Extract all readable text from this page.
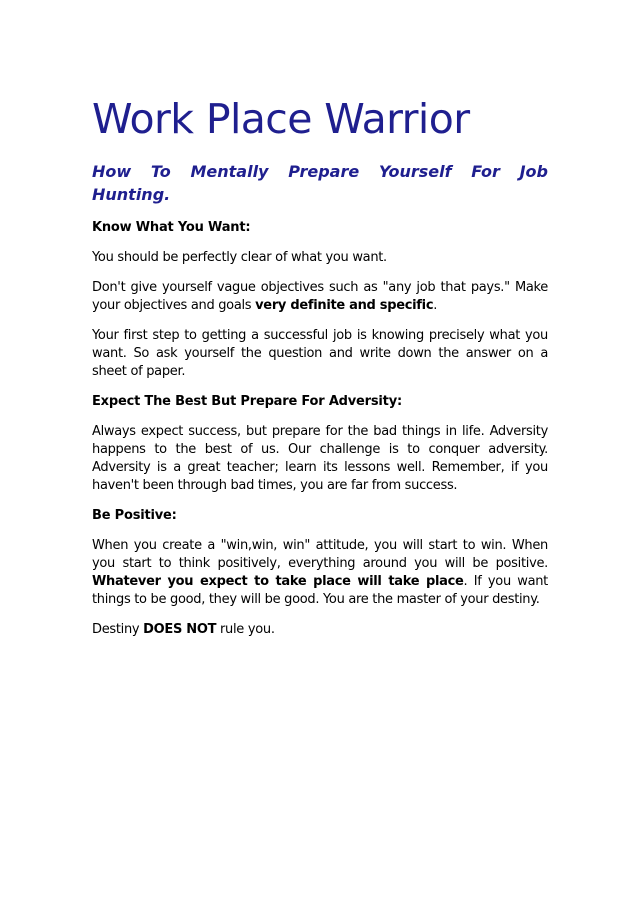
Work Place Warrior
How To Mentally Prepare Yourself For Job Hunting.
Know What You Want:

You should be perfectly clear of what you want.

Don't give yourself vague objectives such as "any job that pays." Make your objectives and goals very definite and specific.

Your first step to getting a successful job is knowing precisely what you want. So ask yourself the question and write down the answer on a sheet of paper.

Expect The Best But Prepare For Adversity:

Always expect success, but prepare for the bad things in life. Adversity happens to the best of us. Our challenge is to conquer adversity. Adversity is a great teacher; learn its lessons well. Remember, if you haven't been through bad times, you are far from success.

Be Positive:

When you create a "win,win, win" attitude, you will start to win. When you start to think positively, everything around you will be positive. Whatever you expect to take place will take place. If you want things to be good, they will be good. You are the master of your destiny.

Destiny DOES NOT rule you.
